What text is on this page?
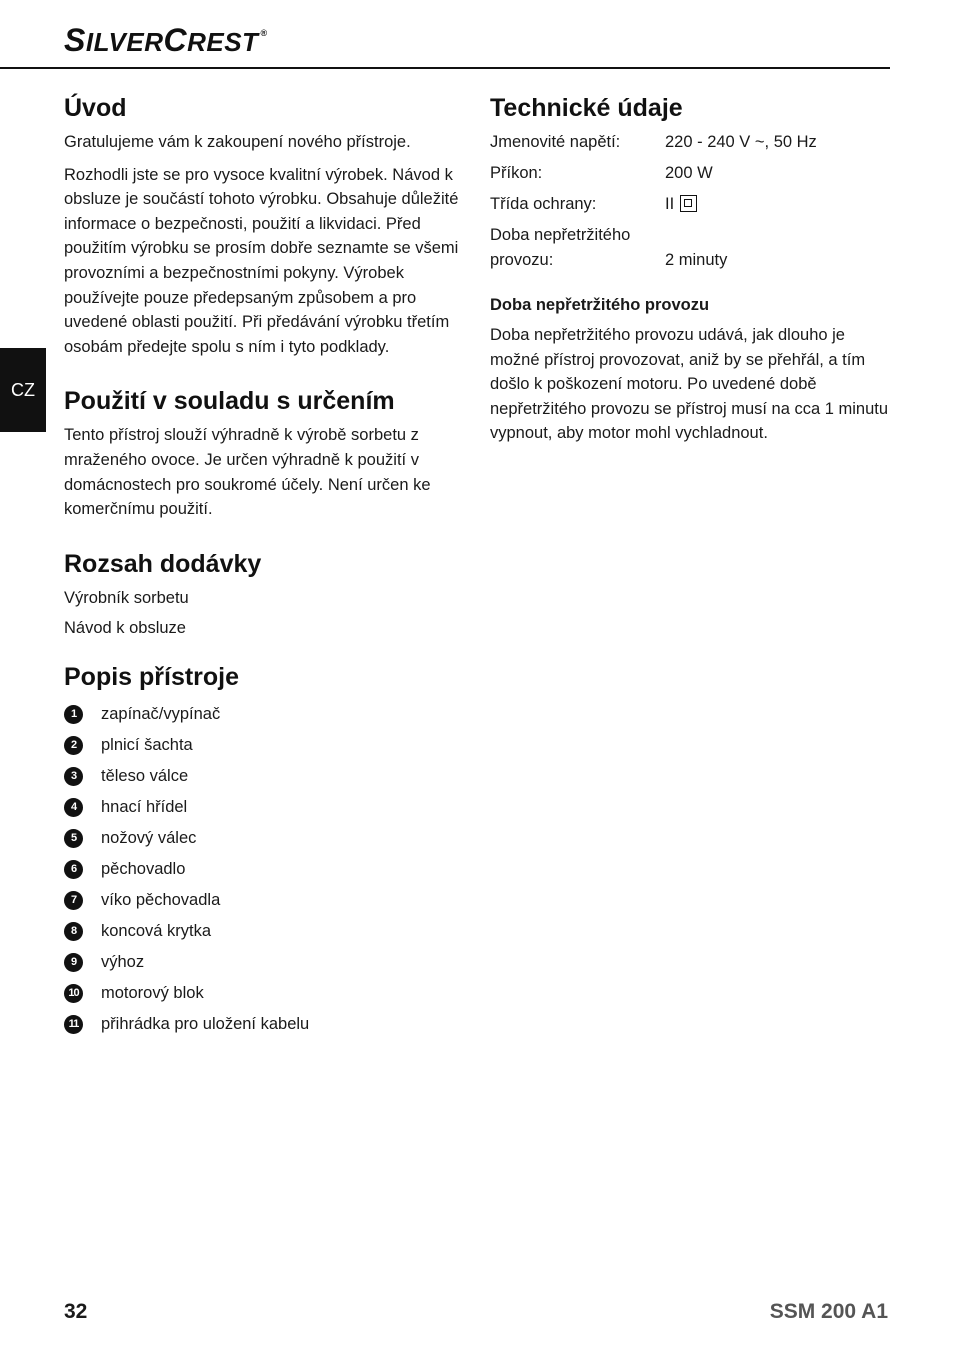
SILVERCREST ®
CZ
Úvod

Gratulujeme vám k zakoupení nového přístroje.

Rozhodli jste se pro vysoce kvalitní výrobek. Návod k obsluze je součástí tohoto výrobku. Obsahuje důležité informace o bezpečnosti, použití a likvidaci. Před použitím výrobku se prosím dobře seznamte se všemi provozními a bezpečnostními pokyny. Výrobek používejte pouze předepsaným způsobem a pro uvedené oblasti použití. Při předávání výrobku třetím osobám předejte spolu s ním i tyto podklady.

Použití v souladu s určením

Tento přístroj slouží výhradně k výrobě sorbetu z mraženého ovoce. Je určen výhradně k použití v domácnostech pro soukromé účely. Není určen ke komerčnímu použití.

Rozsah dodávky

Výrobník sorbetu

Návod k obsluze

Popis přístroje
1	zapínač/vypínač
2	plnicí šachta
3	těleso válce
4	hnací hřídel
5	nožový válec
6	pěchovadlo
7	víko pěchovadla
8	koncová krytka
9	výhoz
10 motorový blok
11 přihrádka pro uložení kabelu
Technické údaje
Jmenovité napětí:	220 - 240 V ~, 50 Hz
Příkon:	200 W
Třída ochrany:	II
Doba nepřetržitého provozu:	2 minuty
Doba nepřetržitého provozu

Doba nepřetržitého provozu udává, jak dlouho je možné přístroj provozovat, aniž by se přehřál, a tím došlo k poškození motoru. Po uvedené době nepřetržitého provozu se přístroj musí na cca 1 minutu vypnout, aby motor mohl vychladnout.

32	SSM 200 A1
